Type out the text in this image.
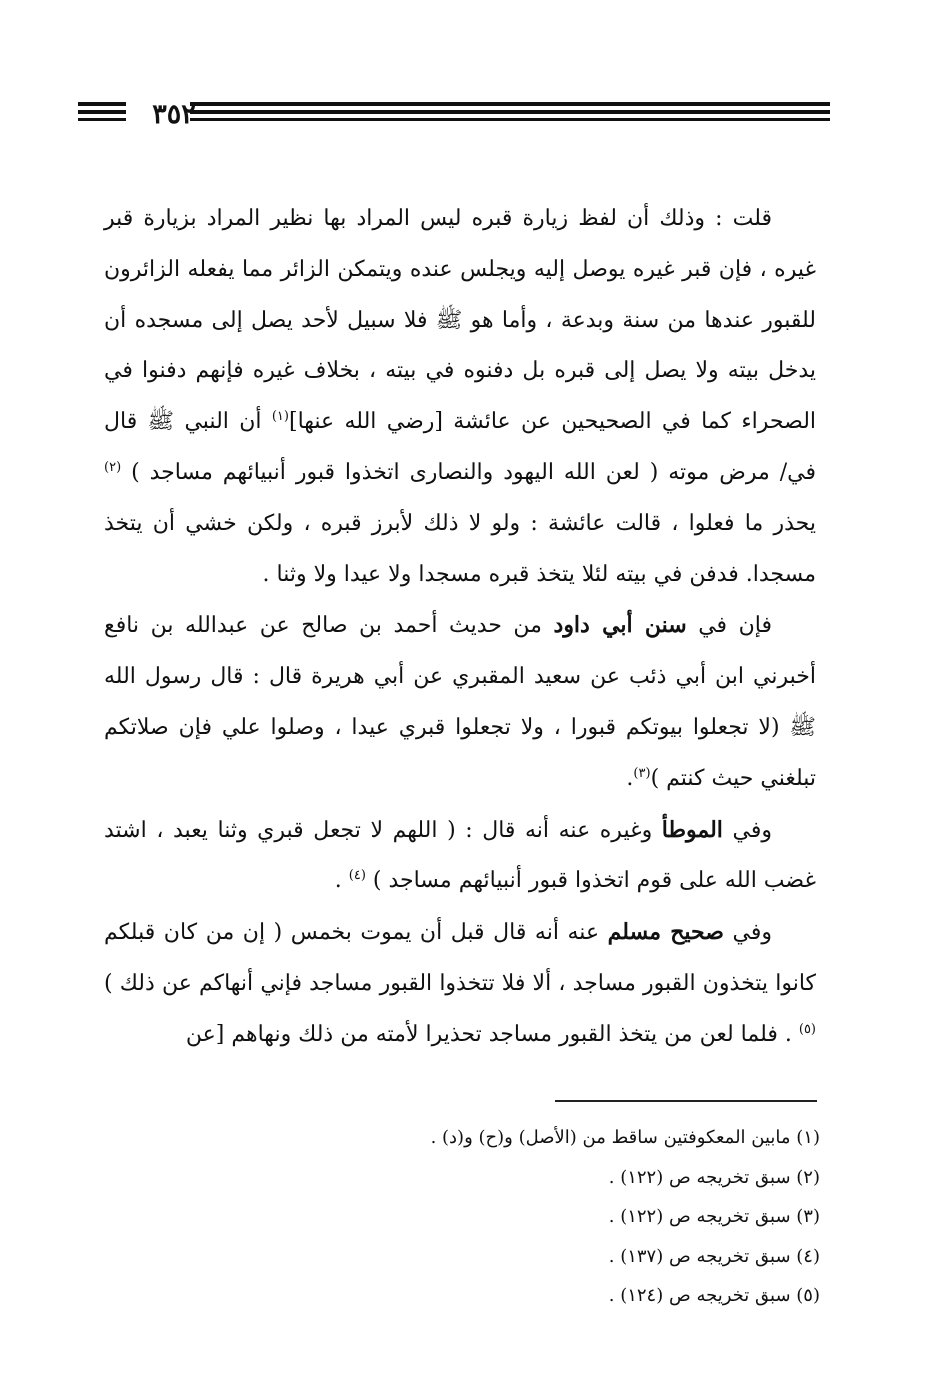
٣٥٢

قلت : وذلك أن لفظ زيارة قبره ليس المراد بها نظير المراد بزيارة قبر غيره ، فإن قبر غيره يوصل إليه ويجلس عنده ويتمكن الزائر مما يفعله الزائرون للقبور عندها من سنة وبدعة ، وأما هو ﷺ فلا سبيل لأحد يصل إلى مسجده أن يدخل بيته ولا يصل إلى قبره بل دفنوه في بيته ، بخلاف غيره فإنهم دفنوا في الصحراء كما في الصحيحين عن عائشة [رضي الله عنها]$^{(١)}$ أن النبي ﷺ قال في/ مرض موته ( لعن الله اليهود والنصارى اتخذوا قبور أنبيائهم مساجد ) $^{(٢)}$ يحذر ما فعلوا ، قالت عائشة : ولو لا ذلك لأبرز قبره ، ولكن خشي أن يتخذ مسجدا. فدفن في بيته لئلا يتخذ قبره مسجدا ولا عيدا ولا وثنا .

فإن في سنن أبي داود من حديث أحمد بن صالح عن عبدالله بن نافع أخبرني ابن أبي ذئب عن سعيد المقبري عن أبي هريرة قال : قال رسول الله ﷺ (لا تجعلوا بيوتكم قبورا ، ولا تجعلوا قبري عيدا ، وصلوا علي فإن صلاتكم تبلغني حيث كنتم )$^{(٣)}$.

وفي الموطأ وغيره عنه أنه قال : ( اللهم لا تجعل قبري وثنا يعبد ، اشتد غضب الله على قوم اتخذوا قبور أنبيائهم مساجد ) $^{(٤)}$ .

وفي صحيح مسلم عنه أنه قال قبل أن يموت بخمس ( إن من كان قبلكم كانوا يتخذون القبور مساجد ، ألا فلا تتخذوا القبور مساجد فإني أنهاكم عن ذلك )$^{(٥)}$ . فلما لعن من يتخذ القبور مساجد تحذيرا لأمته من ذلك ونهاهم [عن

(١) مابين المعكوفتين ساقط من (الأصل) و(ح) و(د) .
(٢) سبق تخريجه ص (١٢٢) .
(٣) سبق تخريجه ص (١٢٢) .
(٤) سبق تخريجه ص (١٣٧) .
(٥) سبق تخريجه ص (١٢٤) .
